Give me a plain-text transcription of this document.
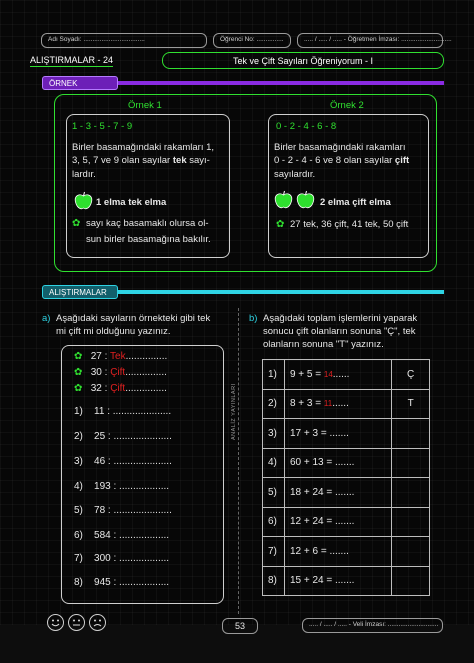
Adı Soyadı: ..................................	Öğrenci No: ...............	..... / ..... / ..... - Öğretmen İmzası: ............................
ALIŞTIRMALAR - 24	Tek ve Çift Sayıları Öğreniyorum - I
ÖRNEK
Örnek 1
1 - 3 - 5 - 7 - 9
Birler basamağındaki rakamları 1,
3, 5, 7 ve 9 olan sayılar tek sayı-
lardır.
1 elma tek elma
✿ sayı kaç basamaklı olursa ol-
sun birler basamağına bakılır.
Örnek 2
0 - 2 - 4 - 6 - 8
Birler basamağındaki rakamları
0 - 2 - 4 - 6 ve 8 olan sayılar çift
sayılardır.
2 elma çift elma
✿ 27 tek, 36 çift, 41 tek, 50 çift
ALIŞTIRMALAR
a) Aşağıdaki sayıların örnekteki gibi tek
mi çift mi olduğunu yazınız.
✿ 27 : Tek...............
✿ 30 : Çift...............
✿ 32 : Çift...............
1) 11 : .....................
2) 25 : .....................
3) 46 : .....................
4) 193 : ..................
5) 78 : .....................
6) 584 : ..................
7) 300 : ..................
8) 945 : ..................
ANALİZ YAYINLARI
b) Aşağıdaki toplam işlemlerini yaparak
sonucu çift olanların sonuna "Ç", tek
olanların sonuna "T" yazınız.
1)	9 + 5 = 14......	Ç
2)	8 + 3 = 11......	T
3)	17 + 3 = .......	
4)	60 + 13 = .......	
5)	18 + 24 = .......	
6)	12 + 24 = .......	
7)	12 + 6 = .......	
8)	15 + 24 = .......	
53	..... / ..... / ..... - Veli İmzası: ............................
